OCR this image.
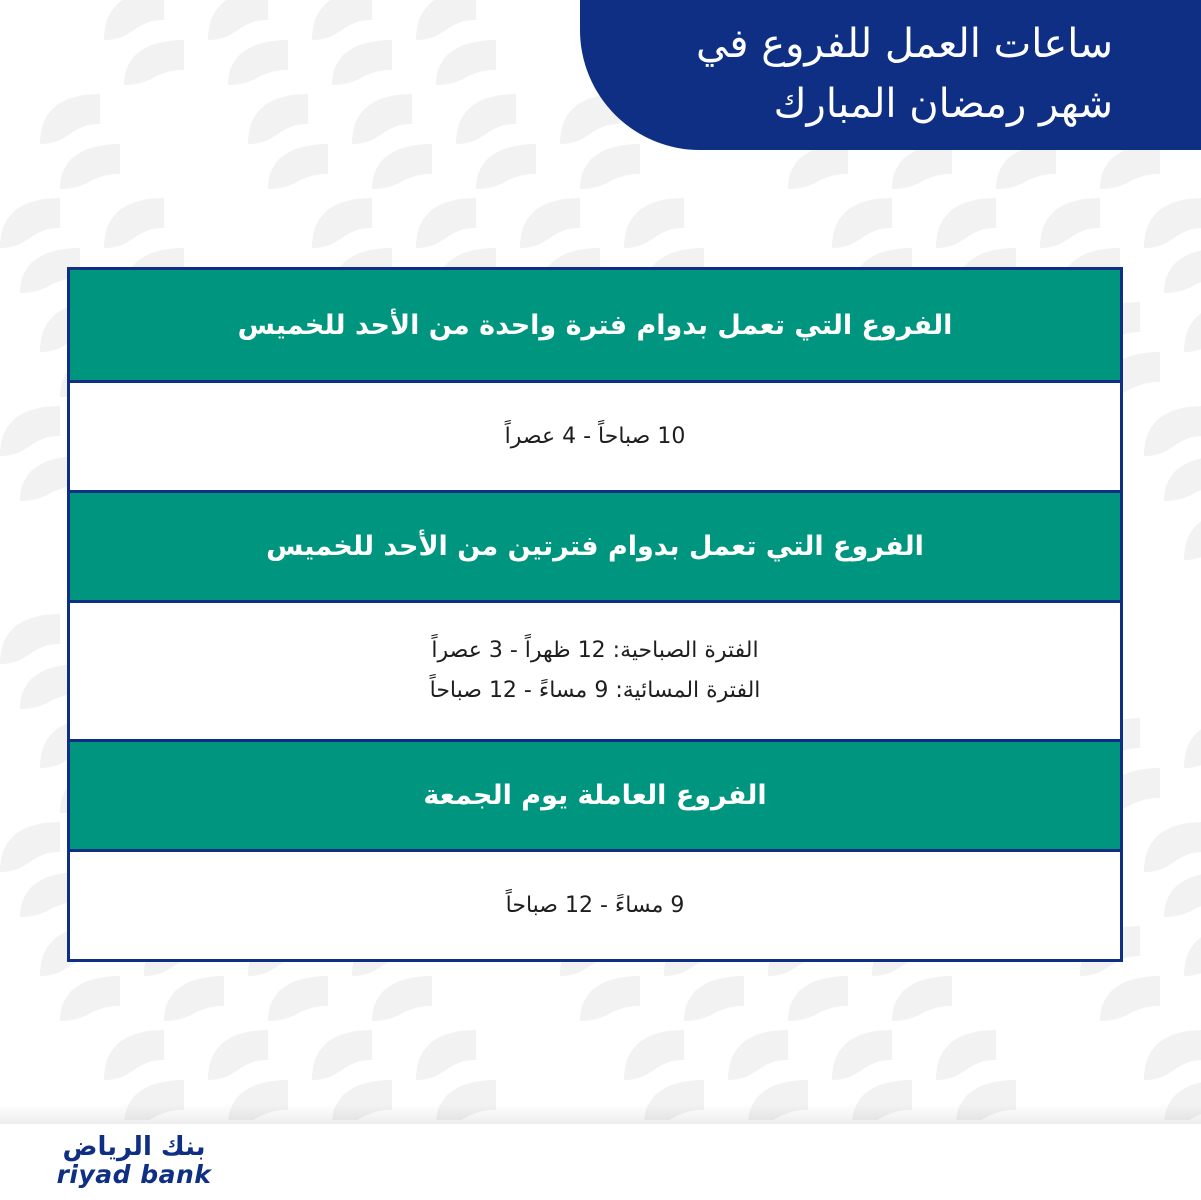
ساعات العمل للفروع في
شهر رمضان المبارك
الفروع التي تعمل بدوام فترة واحدة من الأحد للخميس
10 صباحاً - 4 عصراً
الفروع التي تعمل بدوام فترتين من الأحد للخميس
الفترة الصباحية: 12 ظهراً - 3 عصراً
الفترة المسائية: 9 مساءً - 12 صباحاً
الفروع العاملة يوم الجمعة
9 مساءً - 12 صباحاً
بنك الرياض
riyad bank
